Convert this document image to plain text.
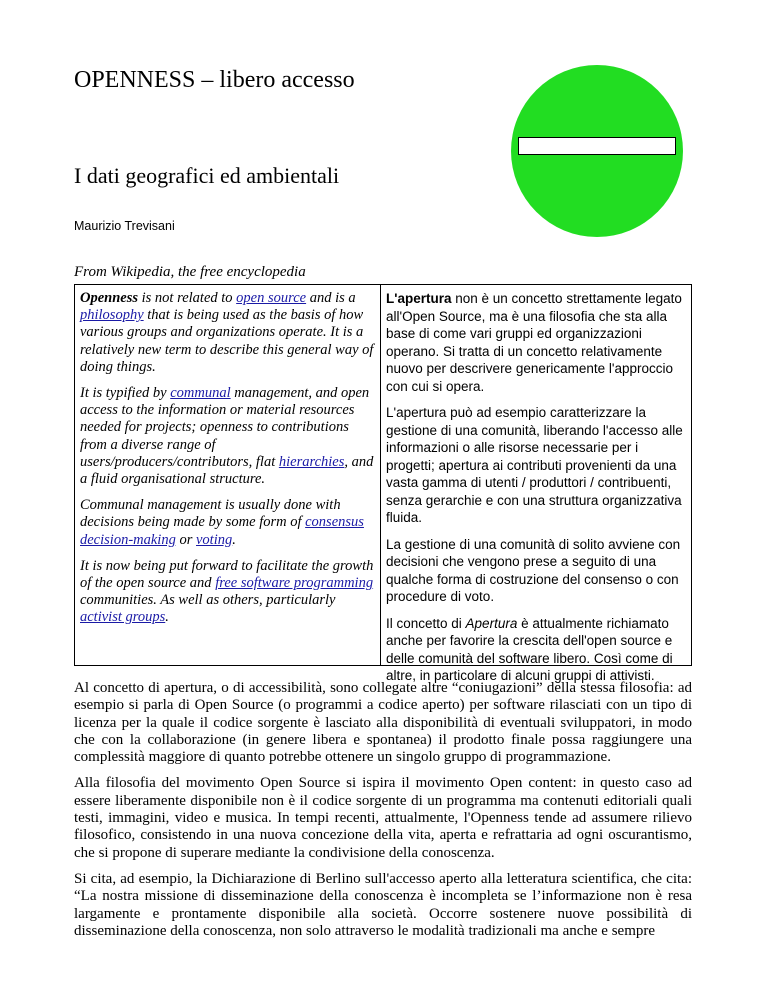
OPENNESS – libero accesso
I dati geografici ed ambientali

Maurizio Trevisani

From Wikipedia, the free encyclopedia

Openness is not related to open source and is a philosophy that is being used as the basis of how various groups and organizations operate. It is a relatively new term to describe this general way of doing things.

It is typified by communal management, and open access to the information or material resources needed for projects; openness to contributions from a diverse range of users/producers/contributors, flat hierarchies, and a fluid organisational structure.

Communal management is usually done with decisions being made by some form of consensus decision-making or voting.

It is now being put forward to facilitate the growth of the open source and free software programming communities. As well as others, particularly activist groups.

L'apertura non è un concetto strettamente legato all'Open Source, ma è una filosofia che sta alla base di come vari gruppi ed organizzazioni operano. Si tratta di un concetto relativamente nuovo per descrivere genericamente l'approccio con cui si opera.

L'apertura può ad esempio caratterizzare la gestione di una comunità, liberando l'accesso alle informazioni o alle risorse necessarie per i progetti; apertura ai contributi provenienti da una vasta gamma di utenti / produttori / contribuenti, senza gerarchie e con una struttura organizzativa fluida.

La gestione di una comunità di solito avviene con decisioni che vengono prese a seguito di una qualche forma di costruzione del consenso o con procedure di voto.

Il concetto di Apertura è attualmente richiamato anche per favorire la crescita dell'open source e delle comunità del software libero. Così come di altre, in particolare di alcuni gruppi di attivisti.

Al concetto di apertura, o di accessibilità, sono collegate altre “coniugazioni” della stessa filosofia: ad esempio si parla di Open Source (o programmi a codice aperto) per software rilasciati con un tipo di licenza per la quale il codice sorgente è lasciato alla disponibilità di eventuali sviluppatori, in modo che con la collaborazione (in genere libera e spontanea) il prodotto finale possa raggiungere una complessità maggiore di quanto potrebbe ottenere un singolo gruppo di programmazione.

Alla filosofia del movimento Open Source si ispira il movimento Open content: in questo caso ad essere liberamente disponibile non è il codice sorgente di un programma ma contenuti editoriali quali testi, immagini, video e musica. In tempi recenti, attualmente, l'Openness tende ad assumere rilievo filosofico, consistendo in una nuova concezione della vita, aperta e refrattaria ad ogni oscurantismo, che si propone di superare mediante la condivisione della conoscenza.

Si cita, ad esempio, la Dichiarazione di Berlino sull'accesso aperto alla letteratura scientifica, che cita: “La nostra missione di disseminazione della conoscenza è incompleta se l’informazione non è resa largamente e prontamente disponibile alla società. Occorre sostenere nuove possibilità di disseminazione della conoscenza, non solo attraverso le modalità tradizionali ma anche e sempre
